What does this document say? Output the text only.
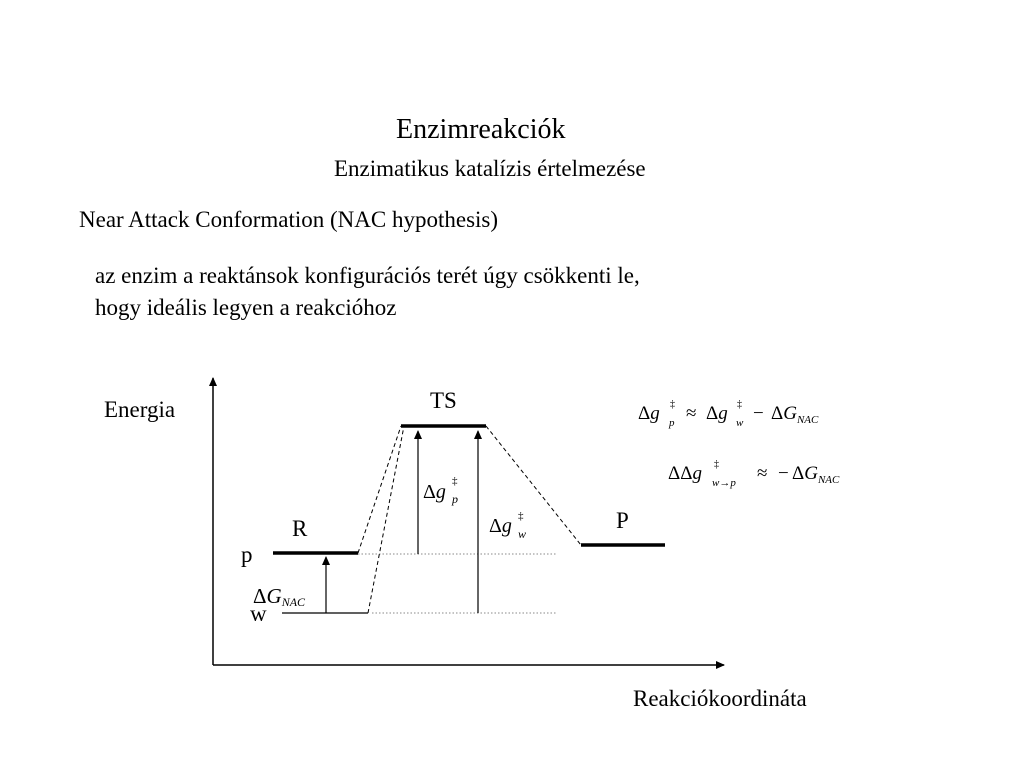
Enzimreakciók
Enzimatikus katalízis értelmezése
Near Attack Conformation (NAC hypothesis)
az enzim a reaktánsok konfigurációs terét úgy csökkenti le,
hogy ideális legyen a reakcióhoz
Energia
Reakciókoordináta
TS
R	P
p
w
ΔGNAC
Δg ‡
p
Δg ‡
w
Δg ‡
p ≈ Δg ‡
$w - \Delta G_{NAC}$
ΔΔg ‡
w→p ≈ − $\Delta G_{NAC}$
